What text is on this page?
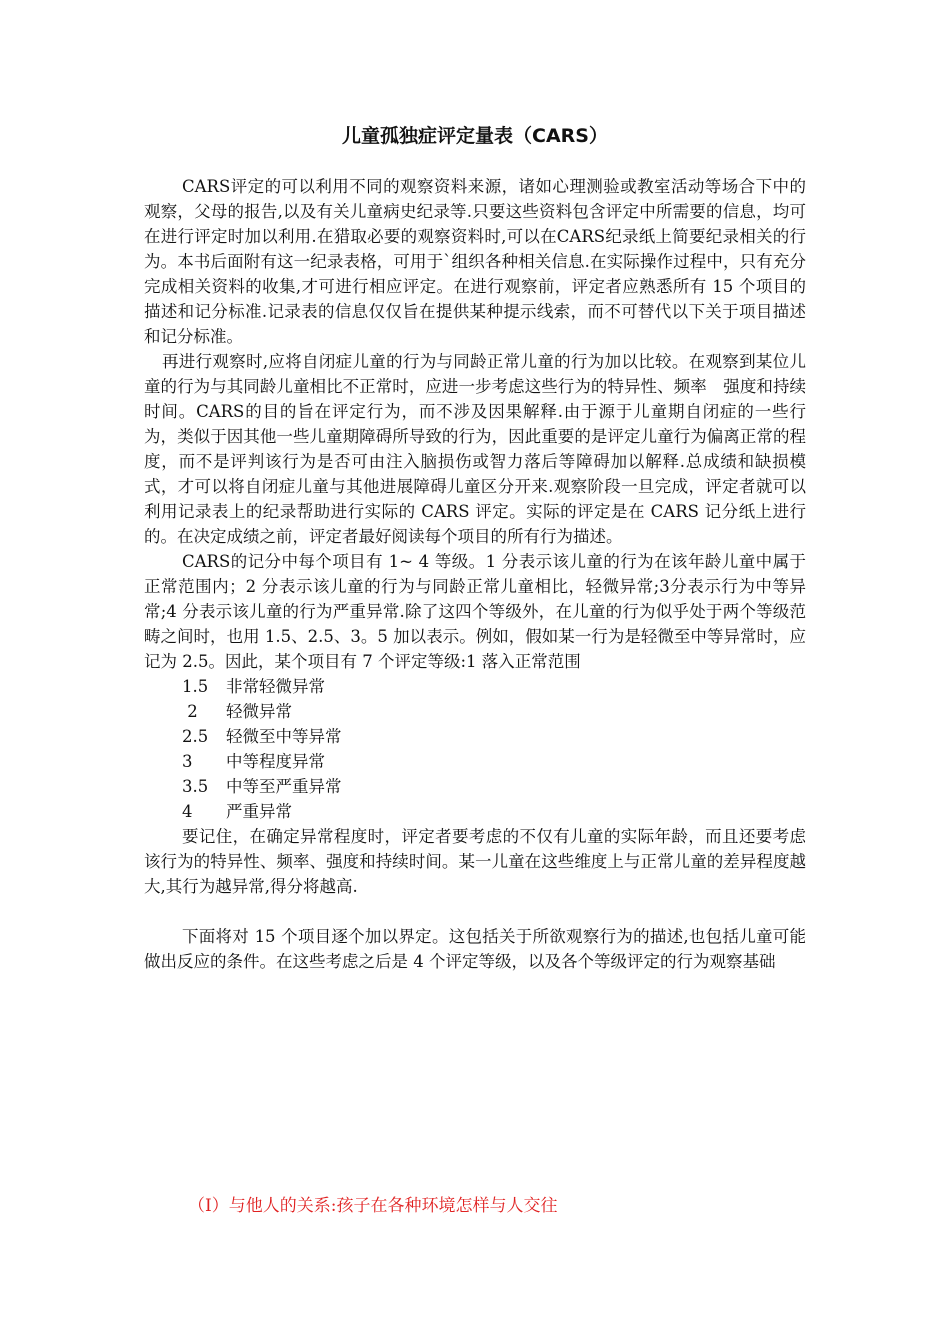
儿童孤独症评定量表（CARS）

CARS评定的可以利用不同的观察资料来源，诸如心理测验或教室活动等场合下中的观察，父母的报告,以及有关儿童病史纪录等.只要这些资料包含评定中所需要的信息，均可在进行评定时加以利用.在猎取必要的观察资料时,可以在CARS纪录纸上简要纪录相关的行为。本书后面附有这一纪录表格，可用于`组织各种相关信息.在实际操作过程中，只有充分完成相关资料的收集,才可进行相应评定。在进行观察前，评定者应熟悉所有 15 个项目的描述和记分标准.记录表的信息仅仅旨在提供某种提示线索，而不可替代以下关于项目描述和记分标准。

再进行观察时,应将自闭症儿童的行为与同龄正常儿童的行为加以比较。在观察到某位儿童的行为与其同龄儿童相比不正常时，应进一步考虑这些行为的特异性、频率　强度和持续时间。CARS的目的旨在评定行为，而不涉及因果解释.由于源于儿童期自闭症的一些行为，类似于因其他一些儿童期障碍所导致的行为，因此重要的是评定儿童行为偏离正常的程度，而不是评判该行为是否可由注入脑损伤或智力落后等障碍加以解释.总成绩和缺损模式，才可以将自闭症儿童与其他进展障碍儿童区分开来.观察阶段一旦完成，评定者就可以利用记录表上的纪录帮助进行实际的 CARS 评定。实际的评定是在 CARS 记分纸上进行的。在决定成绩之前，评定者最好阅读每个项目的所有行为描述。

CARS的记分中每个项目有 1~ 4 等级。1 分表示该儿童的行为在该年龄儿童中属于正常范围内；2 分表示该儿童的行为与同龄正常儿童相比，轻微异常;3分表示行为中等异常;4 分表示该儿童的行为严重异常.除了这四个等级外，在儿童的行为似乎处于两个等级范畴之间时，也用 1.5、2.5、3。5 加以表示。例如，假如某一行为是轻微至中等异常时，应记为 2.5。因此，某个项目有 7 个评定等级:1 落入正常范围

1.5	非常轻微异常
2	轻微异常
2.5	轻微至中等异常
3	中等程度异常
3.5	中等至严重异常
4	严重异常

要记住，在确定异常程度时，评定者要考虑的不仅有儿童的实际年龄，而且还要考虑该行为的特异性、频率、强度和持续时间。某一儿童在这些维度上与正常儿童的差异程度越大,其行为越异常,得分将越高.

下面将对 15 个项目逐个加以界定。这包括关于所欲观察行为的描述,也包括儿童可能做出反应的条件。在这些考虑之后是 4 个评定等级，以及各个等级评定的行为观察基础

（Ⅰ）与他人的关系:孩子在各种环境怎样与人交往
